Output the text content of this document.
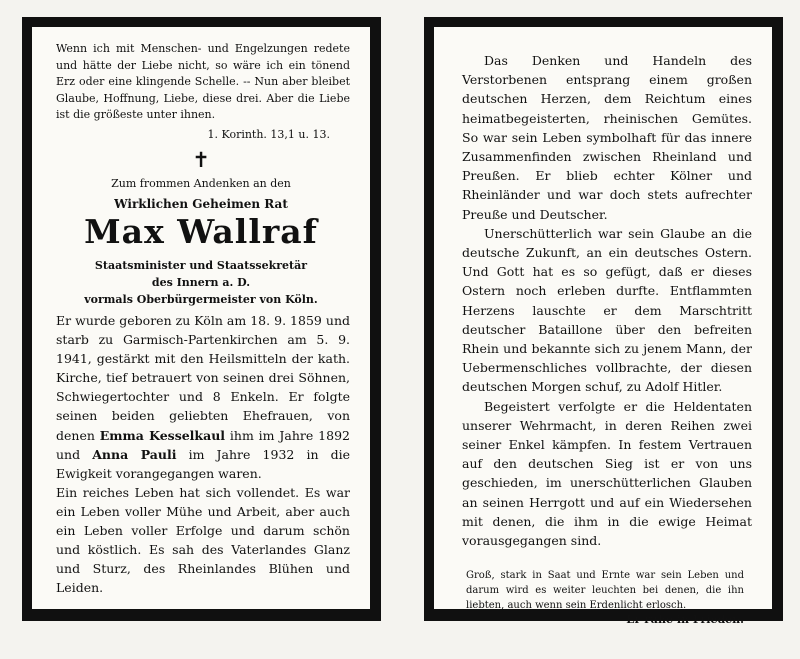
Wenn ich mit Menschen- und Engelzungen redete und hätte der Liebe nicht, so wäre ich ein tönend Erz oder eine klingende Schelle. -- Nun aber bleibet Glaube, Hoffnung, Liebe, diese drei. Aber die Liebe ist die größeste unter ihnen.
1. Korinth. 13,1 u. 13.
✝
Zum frommen Andenken an den
Wirklichen Geheimen Rat
Max Wallraf
Staatsminister und Staatssekretär
des Innern a. D.
vormals Oberbürgermeister von Köln.

Er wurde geboren zu Köln am 18. 9. 1859 und starb zu Garmisch-Partenkirchen am 5. 9. 1941, gestärkt mit den Heilsmitteln der kath. Kirche, tief betrauert von seinen drei Söhnen, Schwiegertochter und 8 Enkeln. Er folgte seinen beiden geliebten Ehefrauen, von denen Emma Kesselkaul ihm im Jahre 1892 und Anna Pauli im Jahre 1932 in die Ewigkeit vorangegangen waren.

Ein reiches Leben hat sich vollendet. Es war ein Leben voller Mühe und Arbeit, aber auch ein Leben voller Erfolge und darum schön und köstlich. Es sah des Vaterlandes Glanz und Sturz, des Rheinlandes Blühen und Leiden.

Das Denken und Handeln des Verstorbenen entsprang einem großen deutschen Herzen, dem Reichtum eines heimatbegeisterten, rheinischen Gemütes. So war sein Leben symbolhaft für das innere Zusammenfinden zwischen Rheinland und Preußen. Er blieb echter Kölner und Rheinländer und war doch stets aufrechter Preuße und Deutscher.

Unerschütterlich war sein Glaube an die deutsche Zukunft, an ein deutsches Ostern. Und Gott hat es so gefügt, daß er dieses Ostern noch erleben durfte. Entflammten Herzens lauschte er dem Marschtritt deutscher Bataillone über den befreiten Rhein und bekannte sich zu jenem Mann, der Uebermenschliches vollbrachte, der diesen deutschen Morgen schuf, zu Adolf Hitler.

Begeistert verfolgte er die Heldentaten unserer Wehrmacht, in deren Reihen zwei seiner Enkel kämpfen. In festem Vertrauen auf den deutschen Sieg ist er von uns geschieden, im unerschütterlichen Glauben an seinen Herrgott und auf ein Wiedersehen mit denen, die ihm in die ewige Heimat vorausgegangen sind.

Groß, stark in Saat und Ernte war sein Leben und darum wird es weiter leuchten bei denen, die ihn liebten, auch wenn sein Erdenlicht erlosch.
Er ruhe in Frieden.
